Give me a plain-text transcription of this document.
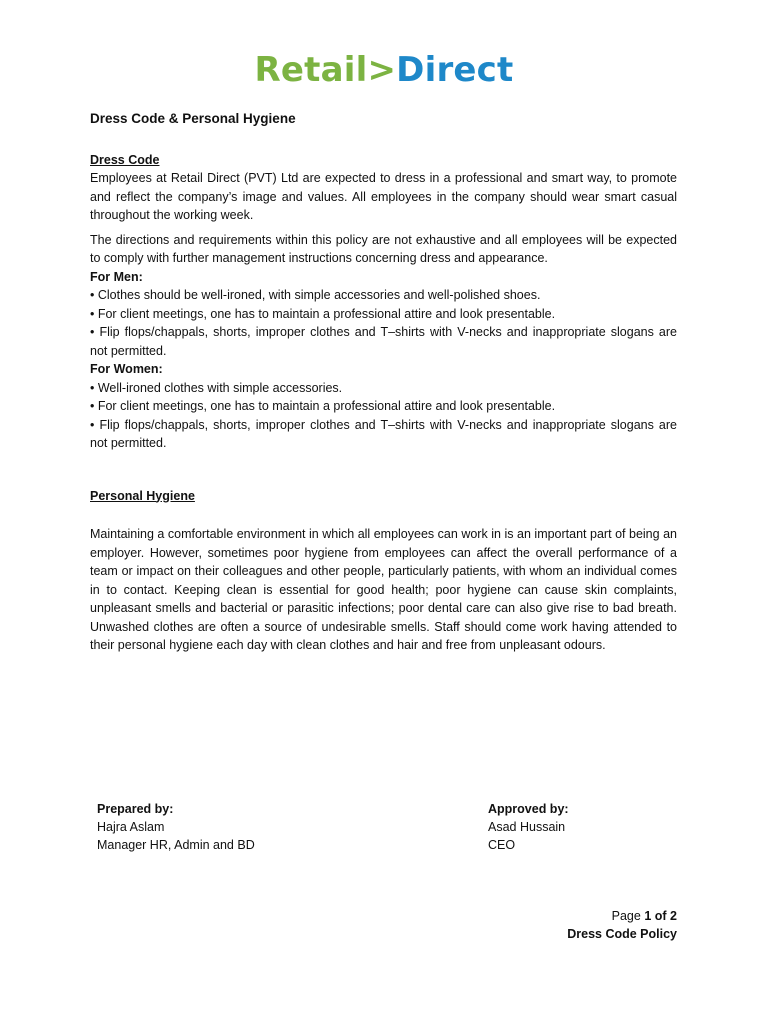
Retail>Direct
Dress Code & Personal Hygiene
Dress Code

Employees at Retail Direct (PVT) Ltd are expected to dress in a professional and smart way, to promote and reflect the company’s image and values. All employees in the company should wear smart casual throughout the working week.

The directions and requirements within this policy are not exhaustive and all employees will be expected to comply with further management instructions concerning dress and appearance.

For Men:
• Clothes should be well-ironed, with simple accessories and well-polished shoes.
• For client meetings, one has to maintain a professional attire and look presentable.
• Flip flops/chappals, shorts, improper clothes and T–shirts with V-necks and inappropriate slogans are not permitted.
For Women:
• Well-ironed clothes with simple accessories.
• For client meetings, one has to maintain a professional attire and look presentable.
• Flip flops/chappals, shorts, improper clothes and T–shirts with V-necks and inappropriate slogans are not permitted.
Personal Hygiene

Maintaining a comfortable environment in which all employees can work in is an important part of being an employer. However, sometimes poor hygiene from employees can affect the overall performance of a team or impact on their colleagues and other people, particularly patients, with whom an individual comes in to contact. Keeping clean is essential for good health; poor hygiene can cause skin complaints, unpleasant smells and bacterial or parasitic infections; poor dental care can also give rise to bad breath. Unwashed clothes are often a source of undesirable smells. Staff should come work having attended to their personal hygiene each day with clean clothes and hair and free from unpleasant odours.

Prepared by:
Hajra Aslam
Manager HR, Admin and BD
Approved by:
Asad Hussain
CEO
Page 1 of 2
Dress Code Policy
